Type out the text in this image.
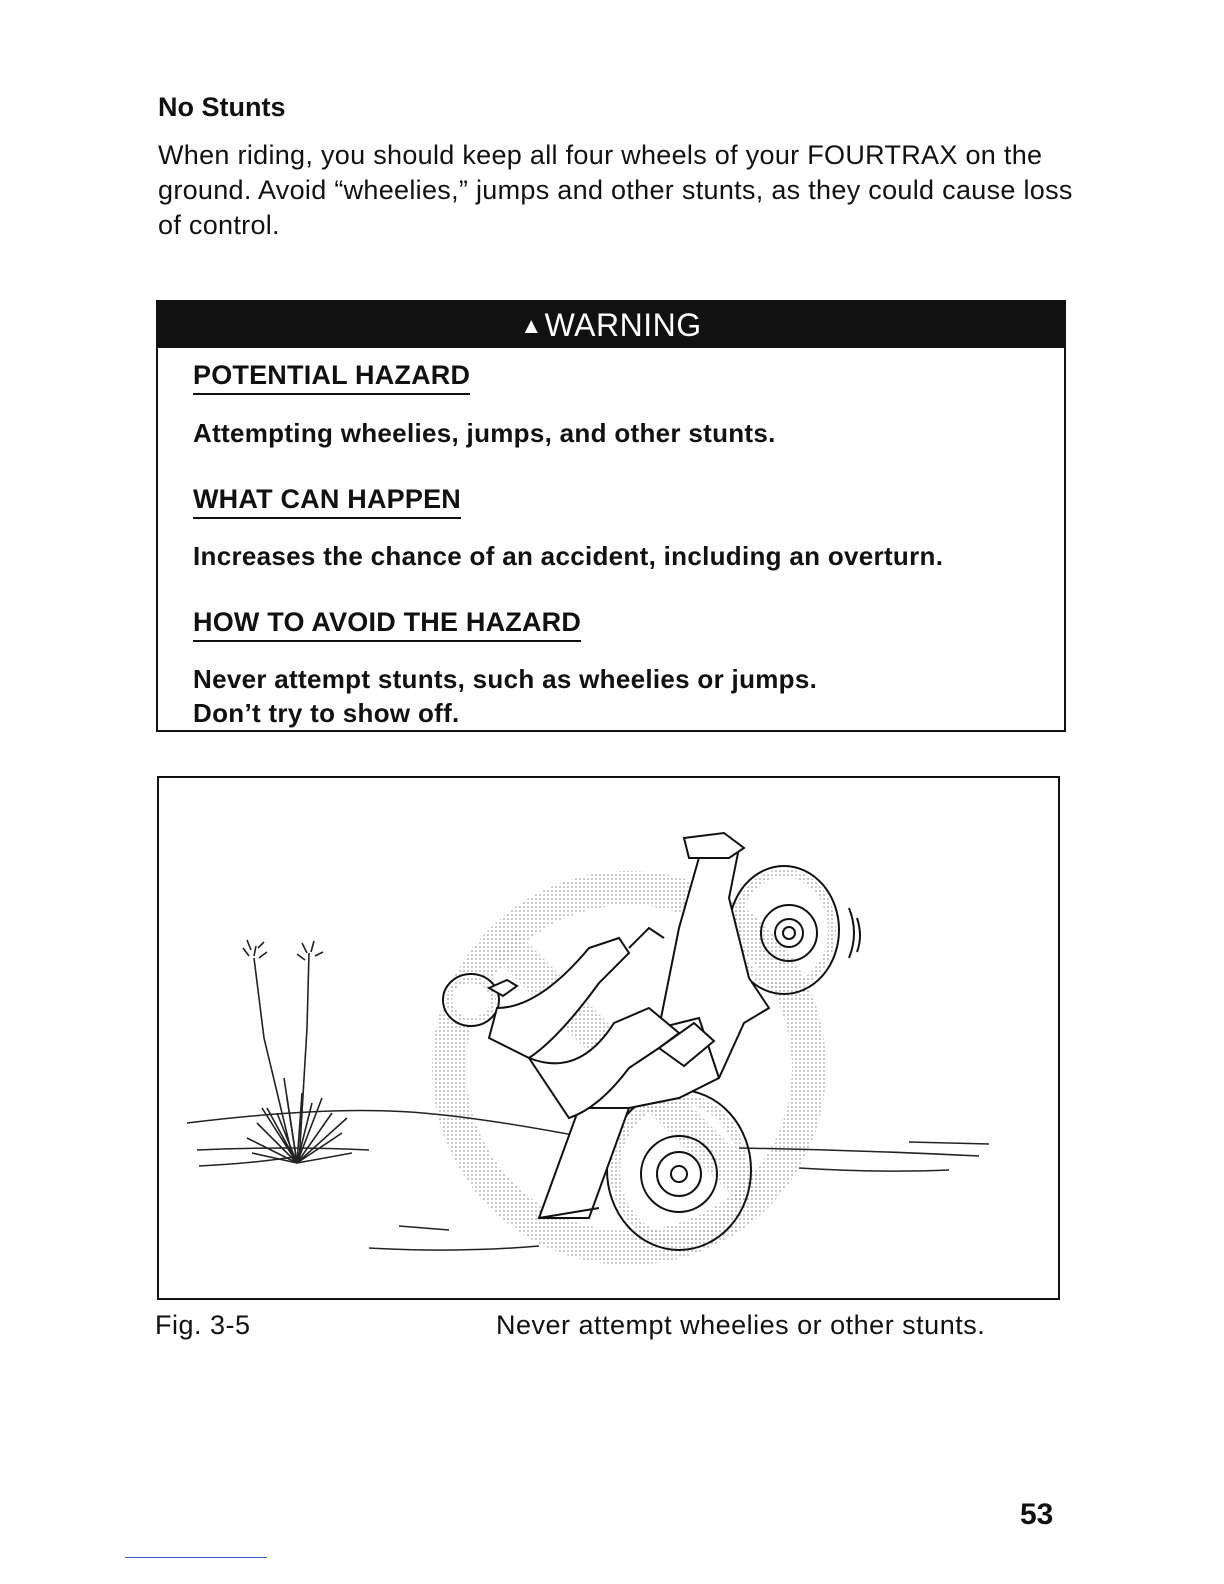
No Stunts
When riding, you should keep all four wheels of your FOURTRAX on the ground. Avoid “wheelies,” jumps and other stunts, as they could cause loss of control.
▲WARNING
POTENTIAL HAZARD
Attempting wheelies, jumps, and other stunts.
WHAT CAN HAPPEN
Increases the chance of an accident, including an overturn.
HOW TO AVOID THE HAZARD
Never attempt stunts, such as wheelies or jumps.
Don’t try to show off.
Fig. 3-5	Never attempt wheelies or other stunts.
53
